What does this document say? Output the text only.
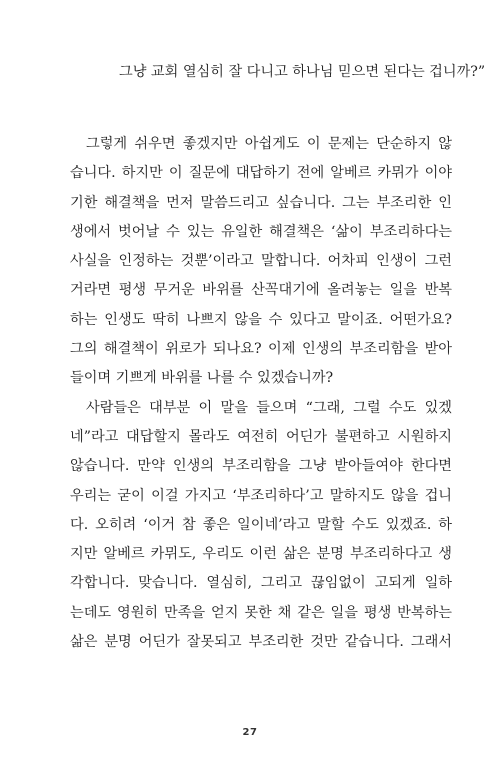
그냥 교회 열심히 잘 다니고 하나님 믿으면 된다는 겁니까?”
그렇게 쉬우면 좋겠지만 아쉽게도 이 문제는 단순하지 않
습니다. 하지만 이 질문에 대답하기 전에 알베르 카뮈가 이야
기한 해결책을 먼저 말씀드리고 싶습니다. 그는 부조리한 인
생에서 벗어날 수 있는 유일한 해결책은 ‘삶이 부조리하다는
사실을 인정하는 것뿐’이라고 말합니다. 어차피 인생이 그런
거라면 평생 무거운 바위를 산꼭대기에 올려놓는 일을 반복
하는 인생도 딱히 나쁘지 않을 수 있다고 말이죠. 어떤가요?
그의 해결책이 위로가 되나요? 이제 인생의 부조리함을 받아
들이며 기쁘게 바위를 나를 수 있겠습니까?
사람들은 대부분 이 말을 들으며 “그래, 그럴 수도 있겠
네”라고 대답할지 몰라도 여전히 어딘가 불편하고 시원하지
않습니다. 만약 인생의 부조리함을 그냥 받아들여야 한다면
우리는 굳이 이걸 가지고 ‘부조리하다’고 말하지도 않을 겁니
다. 오히려 ‘이거 참 좋은 일이네’라고 말할 수도 있겠죠. 하
지만 알베르 카뮈도, 우리도 이런 삶은 분명 부조리하다고 생
각합니다. 맞습니다. 열심히, 그리고 끊임없이 고되게 일하
는데도 영원히 만족을 얻지 못한 채 같은 일을 평생 반복하는
삶은 분명 어딘가 잘못되고 부조리한 것만 같습니다. 그래서
27
